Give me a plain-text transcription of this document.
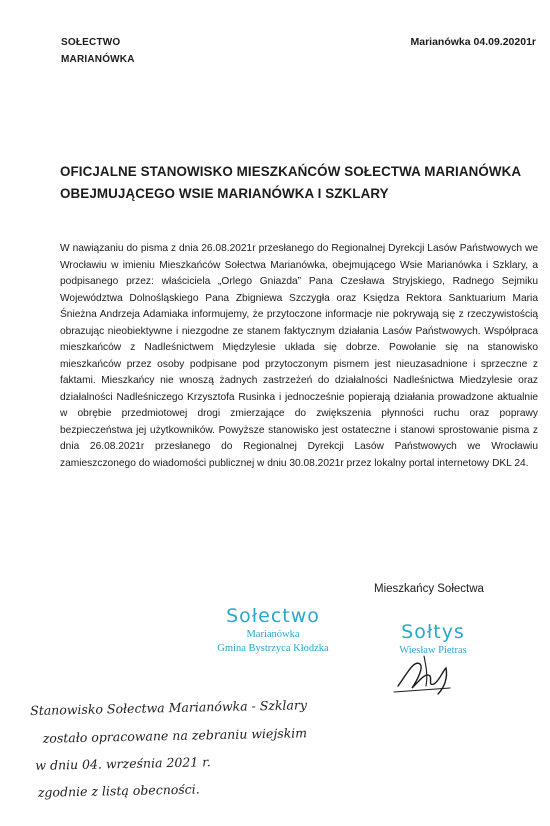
SOŁECTWO
MARIANÓWKA
Marianówka 04.09.20201r
OFICJALNE STANOWISKO MIESZKAŃCÓW SOŁECTWA MARIANÓWKA
OBEJMUJĄCEGO WSIE MARIANÓWKA I SZKLARY
W nawiązaniu do pisma z dnia 26.08.2021r przesłanego do Regionalnej Dyrekcji Lasów Państwowych we Wrocławiu w imieniu Mieszkańców Sołectwa Marianówka, obejmującego Wsie Marianówka i Szklary, a podpisanego przez: właściciela „Orlego Gniazda” Pana Czesława Stryjskiego, Radnego Sejmiku Województwa Dolnośląskiego Pana Zbigniewa Szczygła oraz Księdza Rektora Sanktuarium Maria Śnieżna Andrzeja Adamiaka informujemy, że przytoczone informacje nie pokrywają się z rzeczywistością obrazując nieobiektywne i niezgodne ze stanem faktycznym działania Lasów Państwowych. Współpraca mieszkańców z Nadleśnictwem Międzylesie układa się dobrze. Powołanie się na stanowisko mieszkańców przez osoby podpisane pod przytoczonym pismem jest nieuzasadnione i sprzeczne z faktami. Mieszkańcy nie wnoszą żadnych zastrzeżeń do działalności Nadleśnictwa Miedzylesie oraz działalności Nadleśniczego Krzysztofa Rusinka i jednocześnie popierają działania prowadzone aktualnie w obrębie przedmiotowej drogi zmierzające do zwiększenia płynności ruchu oraz poprawy bezpieczeństwa jej użytkowników. Powyższe stanowisko jest ostateczne i stanowi sprostowanie pisma z dnia 26.08.2021r przesłanego do Regionalnej Dyrekcji Lasów Państwowych we Wrocławiu zamieszczonego do wiadomości publicznej w dniu 30.08.2021r przez lokalny portal internetowy DKL 24.
Mieszkańcy Sołectwa
Sołectwo
Marianówka
Gmina Bystrzyca Kłodzka
Sołtys
Wiesław Pietras
Stanowisko Sołectwa Marianówka - Szklary
zostało opracowane na zebraniu wiejskim
w dniu 04. września 2021 r.
zgodnie z listą obecności.
